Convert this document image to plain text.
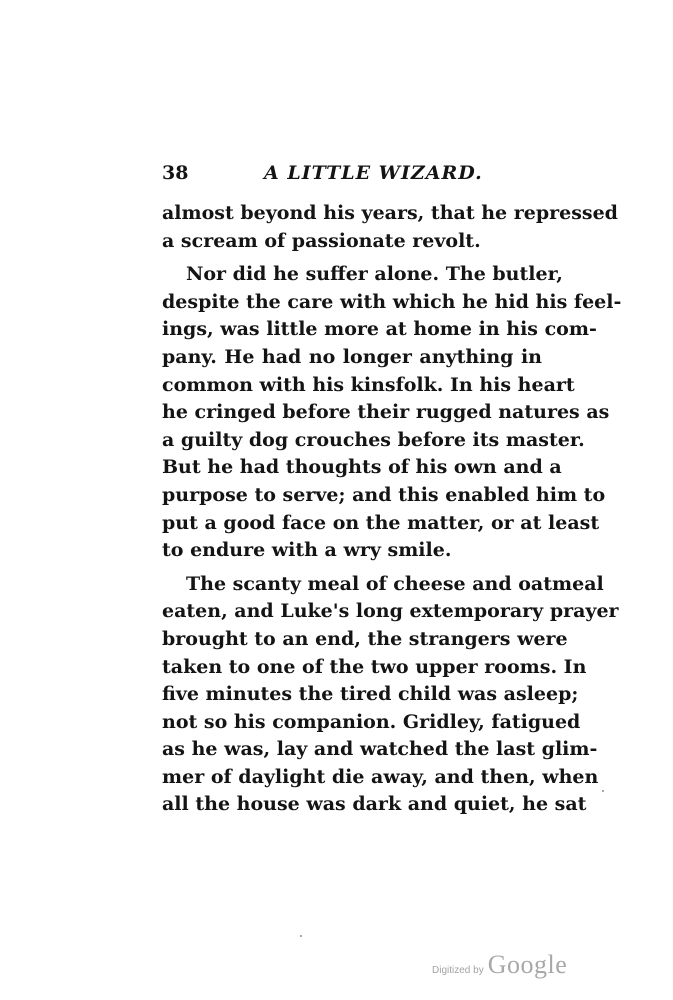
38	A LITTLE WIZARD.

almost beyond his years, that he repressed
a scream of passionate revolt.

Nor did he suffer alone. The butler,
despite the care with which he hid his feel-
ings, was little more at home in his com-
pany. He had no longer anything in
common with his kinsfolk. In his heart
he cringed before their rugged natures as
a guilty dog crouches before its master.
But he had thoughts of his own and a
purpose to serve; and this enabled him to
put a good face on the matter, or at least
to endure with a wry smile.

The scanty meal of cheese and oatmeal
eaten, and Luke's long extemporary prayer
brought to an end, the strangers were
taken to one of the two upper rooms. In
five minutes the tired child was asleep;
not so his companion. Gridley, fatigued
as he was, lay and watched the last glim-
mer of daylight die away, and then, when
all the house was dark and quiet, he sat

Digitized by Google
